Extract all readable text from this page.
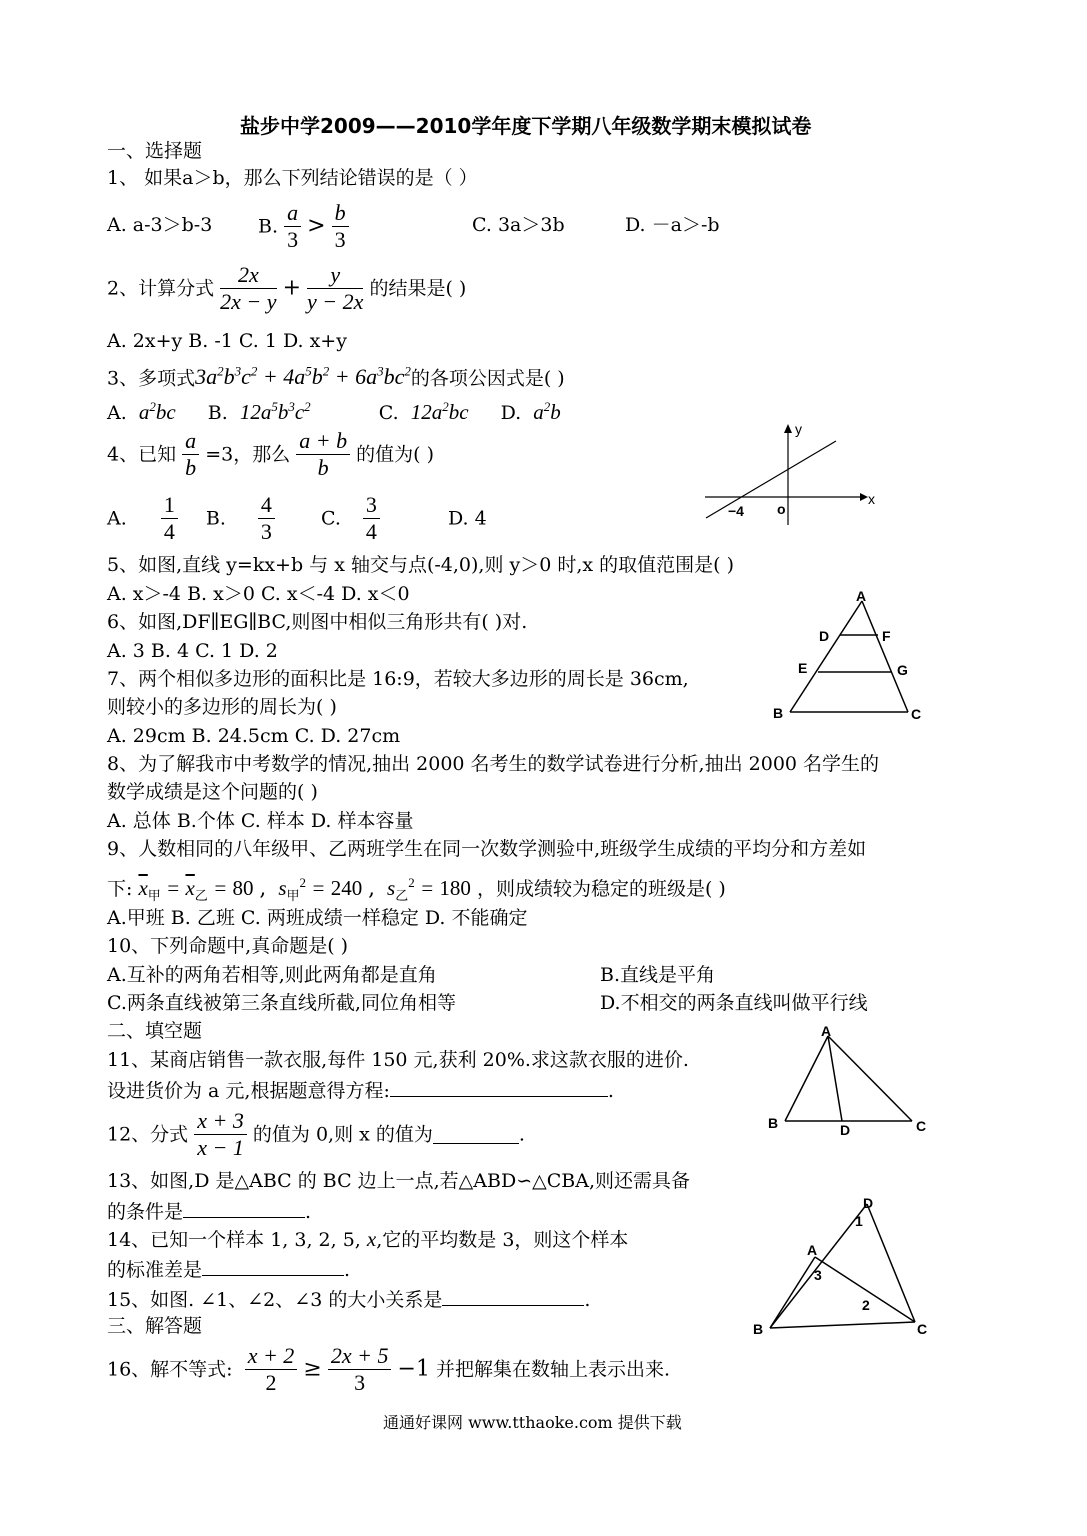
盐步中学2009——2010学年度下学期八年级数学期末模拟试卷
一、选择题
1、 如果a＞b，那么下列结论错误的是（ ）
A. a-3＞b-3 B. $\frac{a}{3} > \frac{b}{3}$	C. 3a＞3b	D. －a＞-b
2、计算分式 $\frac{2x}{2x - y} + \frac{y}{y - 2x}$ 的结果是( )
A. 2x+y B. -1 C. 1 D. x+y
3、多项式$3a^2b^3c^2 + 4a^5b^2 + 6a^3bc^2$的各项公因式是( )
A. $a^2bc$ B. $12a^5b^3c^2$	C. $12a^2bc$ D. $a^2b$
4、已知 $\frac{a}{b} =3$，那么 $\frac{a + b}{b}$ 的值为( )
A. $\frac{1}{4} B$. $\frac{4}{3} C$. $\frac{3}{4}$	D. 4
y
x
o
−4
5、如图,直线 y=kx+b 与 x 轴交与点(-4,0),则 y＞0 时,x 的取值范围是( )
A. x＞-4 B. x＞0 C. x＜-4 D. x＜0
6、如图,DF∥EG∥BC,则图中相似三角形共有( )对.
A. 3 B. 4 C. 1 D. 2
A
D	F
E	G
B	C
7、两个相似多边形的面积比是 16:9，若较大多边形的周长是 36cm,
则较小的多边形的周长为( )
A. 29cm B. 24.5cm C. D. 27cm
8、为了解我市中考数学的情况,抽出 2000 名考生的数学试卷进行分析,抽出 2000 名学生的
数学成绩是这个问题的( )
A. 总体 B.个体 C. 样本 D. 样本容量
9、人数相同的八年级甲、乙两班学生在同一次数学测验中,班级学生成绩的平均分和方差如
下: $\overline{x}_甲 = \overline{x}_乙 = 80$ , $s_甲^2 = 240$ , $s_乙^2 = 180$ ，则成绩较为稳定的班级是( )
A.甲班 B. 乙班 C. 两班成绩一样稳定 D. 不能确定
10、下列命题中,真命题是( )
A.互补的两角若相等,则此两角都是直角	B.直线是平角
C.两条直线被第三条直线所截,同位角相等	D.不相交的两条直线叫做平行线
二、填空题
11、某商店销售一款衣服,每件 150 元,获利 20%.求这款衣服的进价.
设进货价为 a 元,根据题意得方程:	.
A
B	D	C
12、分式 $\frac{x + 3}{x - 1}$ 的值为 0,则 x 的值为	.
13、如图,D 是△ABC 的 BC 边上一点,若△ABD∽△CBA,则还需具备
的条件是	.
14、已知一个样本 1, 3, 2, 5, x,它的平均数是 3，则这个样本
的标准差是	.
15、如图. ∠1、∠2、∠3 的大小关系是	.
D
1
A
3
2
B	C
三、解答题
16、解不等式: $\frac{x + 2}{2} \ge \frac{2x + 5}{3} -1$ 并把解集在数轴上表示出来.
通通好课网 www.tthaoke.com 提供下载
